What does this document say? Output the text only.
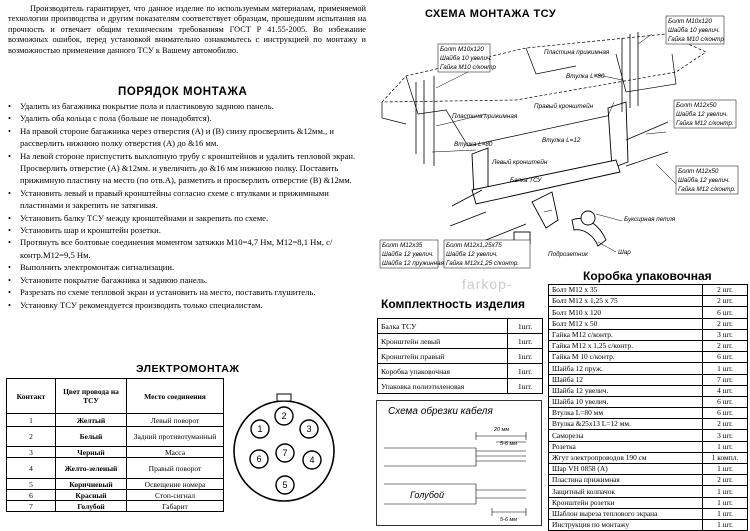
Производитель гарантирует, что данное изделие по используемым материалам, применяемой технологии производства и другим показателям соответствует образцам, прошедшим испытания на прочность и отвечает общим техническим требованиям ГОСТ Р 41.55-2005. Во избежание возможных ошибок, перед установкой внимательно ознакомьтесь с инструкцией по монтажу и возможностью применения данного ТСУ к Вашему автомобилю.
ПОРЯДОК МОНТАЖА
• Удалить из багажника покрытие пола и пластиковую заднюю панель.
• Удалить оба кольца с пола (больше не понадобятся).
• На правой стороне багажника через отверстия (А) и (В) снизу просверлить &12мм., и рассверлить нижнюю полку отверстия (А) до &16 мм.
• На левой стороне приспустить выхлопную трубу с кронштейнов и удалить тепловой экран. Просверлить отверстие (А) &12мм. и увеличить до &16 мм нижнюю полку. Поставить прижимную пластину на место (по отв.А), разметить и просверлить отверстие (В) &12мм.
• Установить левый и правый кронштейны согласно схеме с втулками и прижимными пластинами и закрепить не затягивая.
• Установить балку ТСУ между кронштейнами и закрепить по схеме.
• Установить шар и кронштейн розетки.
• Протянуть все болтовые соединения моментом затяжки М10=4,7 Нм, М12=8,1 Нм, с/контр.М12=9,5 Нм.
• Выполнить электромонтаж сигнализации.
• Установите покрытие багажника и заднюю панель.
• Разрезать по схеме тепловой экран и установить на место, поставить глушитель.
• Установку ТСУ рекомендуется производить только специалистам.
ЭЛЕКТРОМОНТАЖ
Контакт	Цвет провода на ТСУ	Место соединения
1	Желтый	Левый поворот
2	Белый	Задний противотуманный
3	Черный	Масса
4	Желто-зеленый	Правый поворот
5	Коричневый	Освещение номера
6	Красный	Стоп-сигнал
7	Голубой	Габарит
2
1	3
7
6	4
5
СХЕМА МОНТАЖА ТСУ
Болт М10х120
Шайба 10 увелич.
Гайка М10 с/контр
Пластина прижимная
Втулка L=80
Болт М10х120
Шайба 10 увелич.
Гайка М10 с/контр
Пластина прижимная
Втулка L=80
Правый кронштейн	Болт М12х50
Шайба 12 увелич.
Гайка М12 с/контр.
Втулка L=12
Левый кронштейн
Балка ТСУ
Болт М12х50
Шайба 12 увелич.
Гайка М12 с/контр.
Буксирная петля
Болт М12х35
Шайба 12 увелич.
Шайба 12 пружинная
Болт М12х1,25х75
Шайба 12 увелич.
Гайка М12х1,25 с/контр.
Подрозетник	Шар
farkop-
Комплектность изделия
Балка ТСУ	1шт.
Кронштейн левый	1шт.
Кронштейн правый	1шт.
Коробка упаковочная	1шт.
Упаковка полиэтиленовая	1шт.
Коробка упаковочная
Болт М12 х 35	2 шт.
Болт М12 х 1,25 х 75	2 шт.
Болт М10 х 120	6 шт.
Болт М12 х 50	2 шт.
Гайка М12 с/контр.	3 шт.
Гайка М12 х 1,25 с/контр.	2 шт.
Гайка М 10 с/контр.	6 шт.
Шайба 12 пруж.	1 шт.
Шайба 12	7 шт.
Шайба 12 увелич.	4 шт.
Шайба 10 увелич.	6 шт.
Втулка L=80 мм	6 шт.
Втулка &25х13 L=12 мм.	2 шт.
Саморезы	3 шт.
Розетка	1 шт.
Жгут электропроводов 190 см	1 компл.
Шар VH 0858 (А)	1 шт.
Пластина прижимная	2 шт.
Защитный колпачок	1 шт.
Кронштейн розетки	1 шт.
Шаблон выреза теплового экрана	1 шт.
Инструкция по монтажу	1 шт.
Схема обрезки кабеля
20 мм
5-6 мм
Голубой
5-6 мм
